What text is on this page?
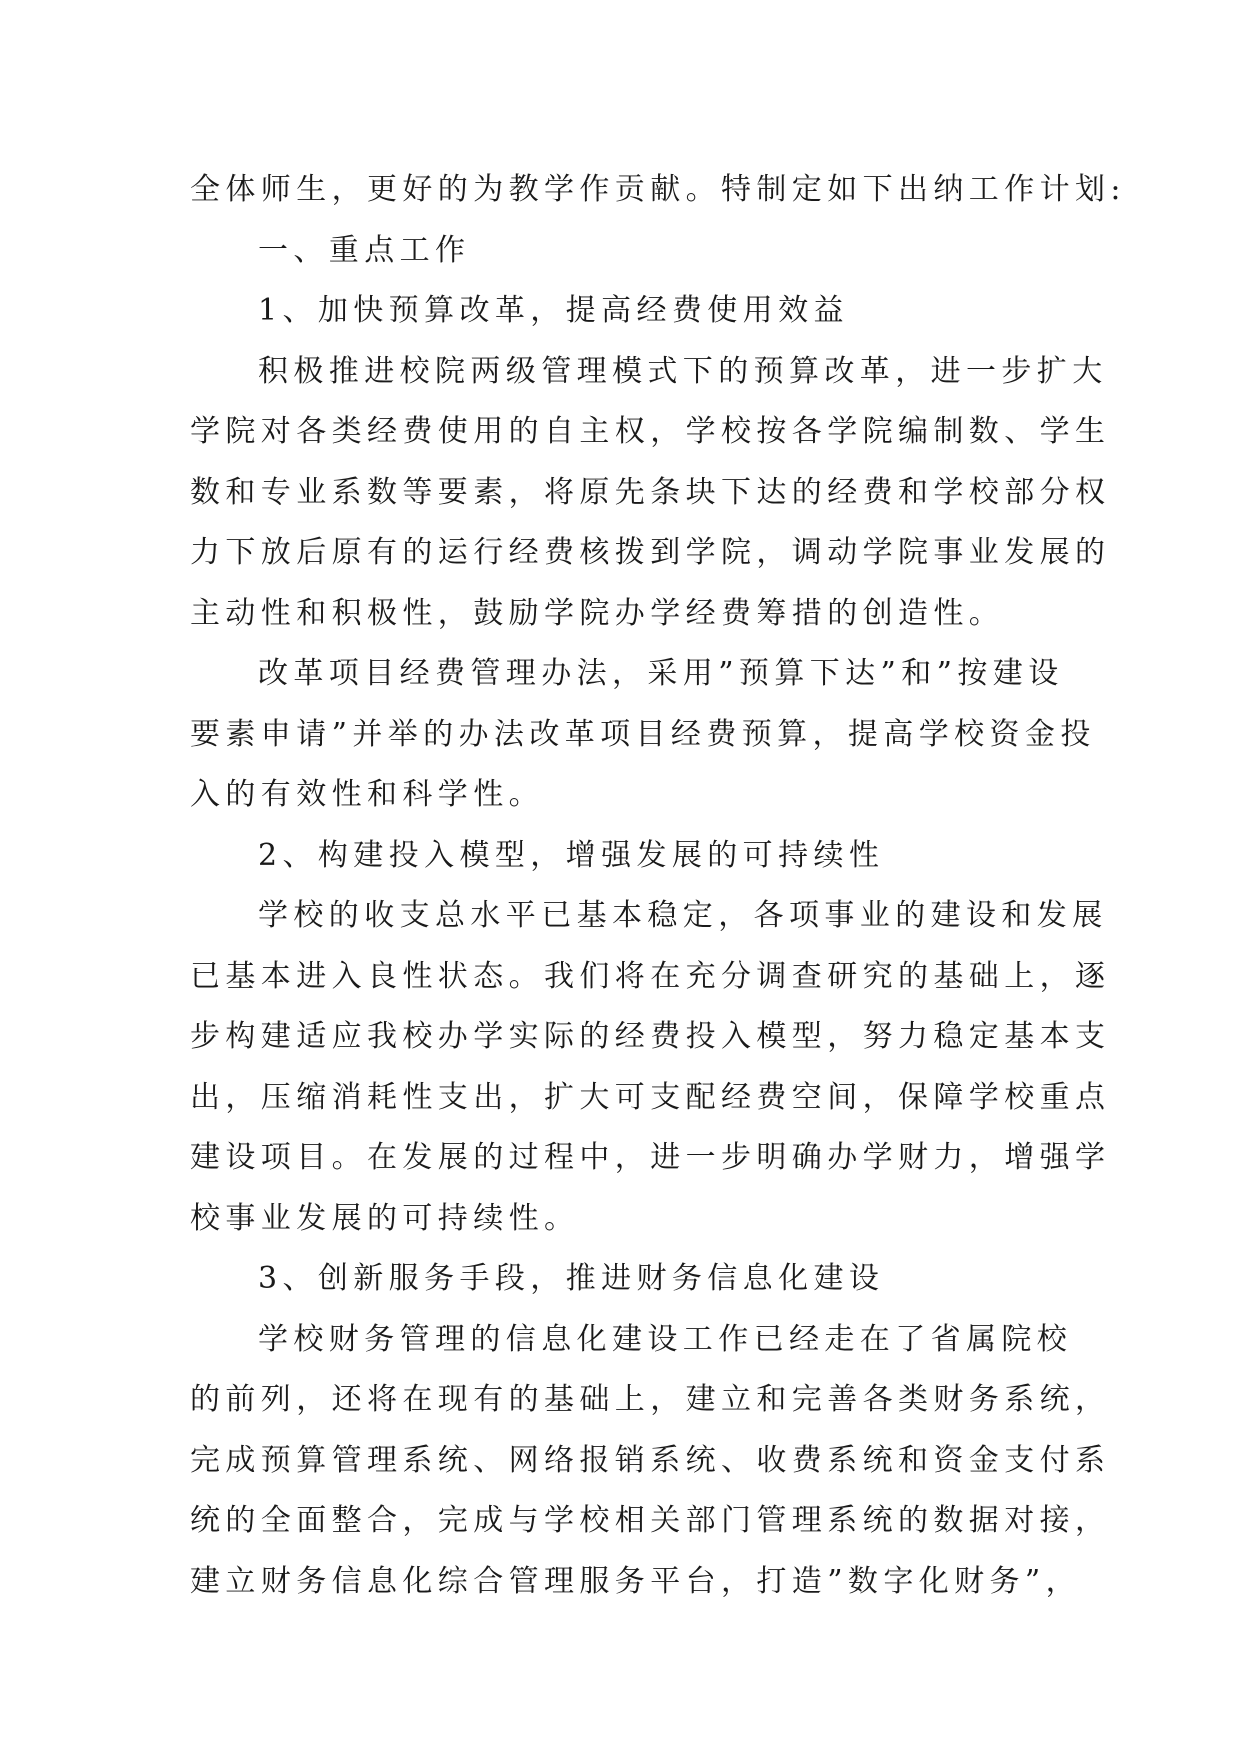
全体师生，更好的为教学作贡献。特制定如下出纳工作计划:
一、重点工作
1、加快预算改革，提高经费使用效益
积极推进校院两级管理模式下的预算改革，进一步扩大
学院对各类经费使用的自主权，学校按各学院编制数、学生
数和专业系数等要素，将原先条块下达的经费和学校部分权
力下放后原有的运行经费核拨到学院，调动学院事业发展的
主动性和积极性，鼓励学院办学经费筹措的创造性。
改革项目经费管理办法，采用”预算下达”和”按建设
要素申请”并举的办法改革项目经费预算，提高学校资金投
入的有效性和科学性。
2、构建投入模型，增强发展的可持续性
学校的收支总水平已基本稳定，各项事业的建设和发展
已基本进入良性状态。我们将在充分调查研究的基础上，逐
步构建适应我校办学实际的经费投入模型，努力稳定基本支
出，压缩消耗性支出，扩大可支配经费空间，保障学校重点
建设项目。在发展的过程中，进一步明确办学财力，增强学
校事业发展的可持续性。
3、创新服务手段，推进财务信息化建设
学校财务管理的信息化建设工作已经走在了省属院校
的前列，还将在现有的基础上，建立和完善各类财务系统，
完成预算管理系统、网络报销系统、收费系统和资金支付系
统的全面整合，完成与学校相关部门管理系统的数据对接，
建立财务信息化综合管理服务平台，打造”数字化财务”，
